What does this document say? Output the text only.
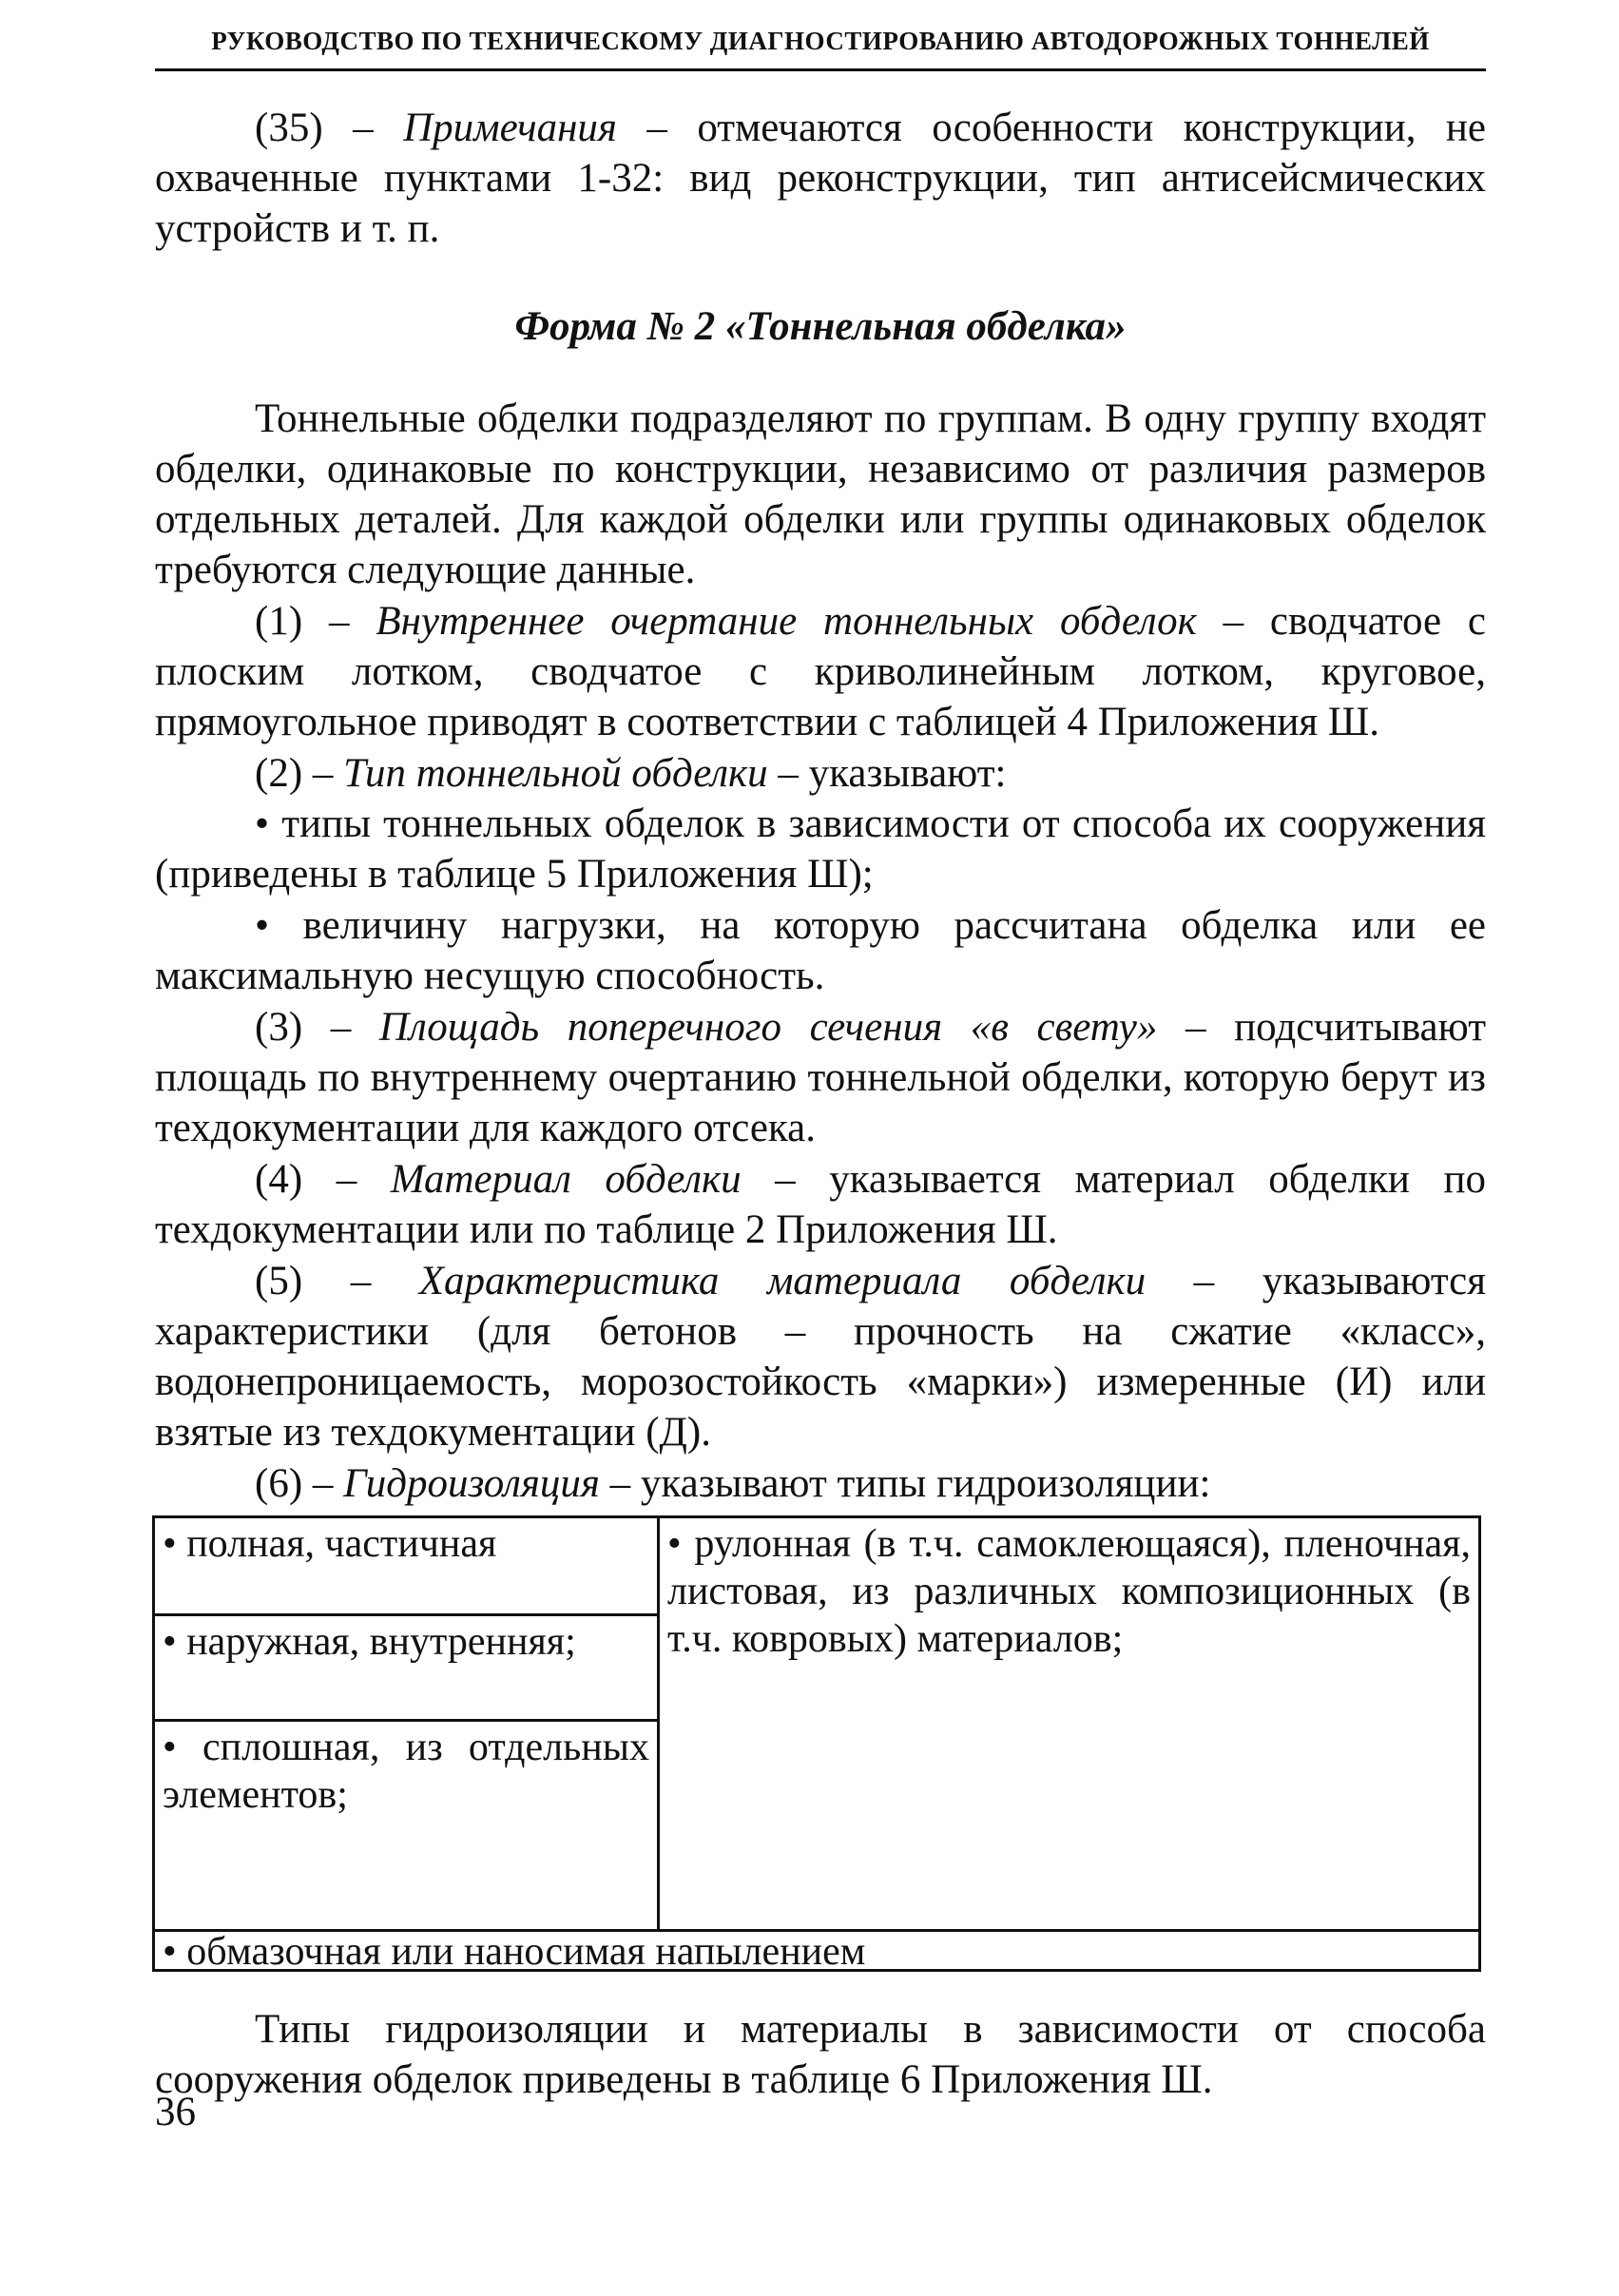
РУКОВОДСТВО ПО ТЕХНИЧЕСКОМУ ДИАГНОСТИРОВАНИЮ АВТОДОРОЖНЫХ ТОННЕЛЕЙ

(35) – Примечания – отмечаются особенности конструкции, не охваченные пунктами 1-32: вид реконструкции, тип антисейсмических устройств и т. п.

Форма № 2 «Тоннельная обделка»

Тоннельные обделки подразделяют по группам. В одну группу входят обделки, одинаковые по конструкции, независимо от различия размеров отдельных деталей. Для каждой обделки или группы одинаковых обделок требуются следующие данные.

(1) – Внутреннее очертание тоннельных обделок – сводчатое с плоским лотком, сводчатое с криволинейным лотком, круговое, прямоугольное приводят в соответствии с таблицей 4 Приложения Ш.

(2) – Тип тоннельной обделки – указывают:

• типы тоннельных обделок в зависимости от способа их сооружения (приведены в таблице 5 Приложения Ш);

• величину нагрузки, на которую рассчитана обделка или ее максимальную несущую способность.

(3) – Площадь поперечного сечения «в свету» – подсчитывают площадь по внутреннему очертанию тоннельной обделки, которую берут из техдокументации для каждого отсека.

(4) – Материал обделки – указывается материал обделки по техдокументации или по таблице 2 Приложения Ш.

(5) – Характеристика материала обделки – указываются характеристики (для бетонов – прочность на сжатие «класс», водонепроницаемость, морозостойкость «марки») измеренные (И) или взятые из техдокументации (Д).

(6) – Гидроизоляция – указывают типы гидроизоляции:

• полная, частичная
• наружная, внутренняя;
• сплошная, из отдельных элементов;
• рулонная (в т.ч. самоклеющаяся), пленочная, листовая, из различных композиционных (в т.ч. ковровых) материалов;
• обмазочная или наносимая напылением

Типы гидроизоляции и материалы в зависимости от способа сооружения обделок приведены в таблице 6 Приложения Ш.

36
